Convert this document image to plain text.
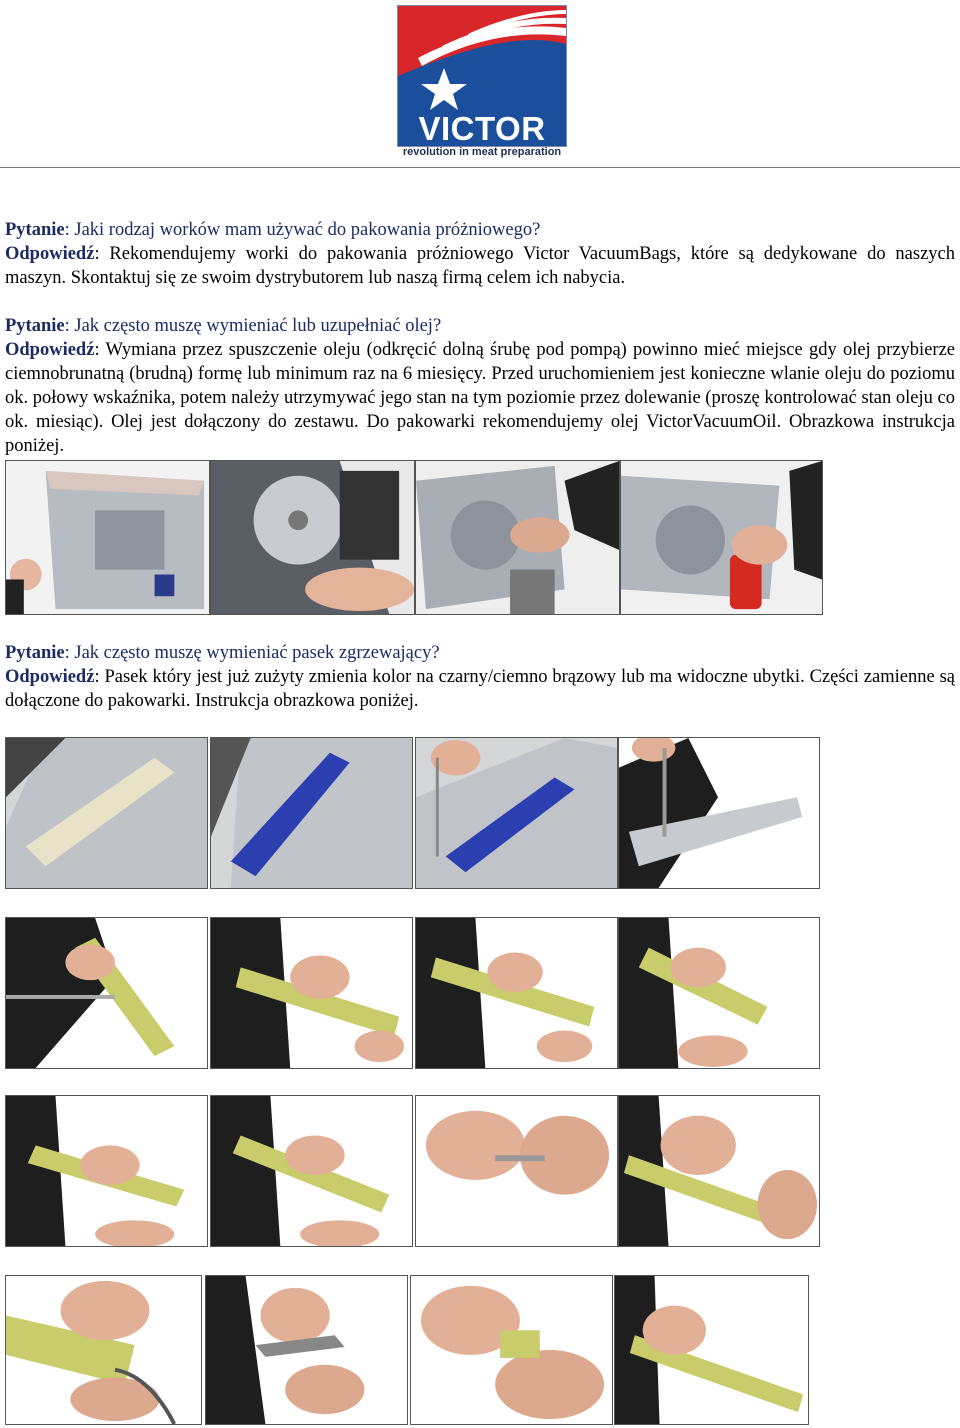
VICTOR
revolution in meat preparation

Pytanie: Jaki rodzaj worków mam używać do pakowania próżniowego?

Odpowiedź: Rekomendujemy worki do pakowania próżniowego Victor VacuumBags, które są dedykowane do naszych maszyn. Skontaktuj się ze swoim dystrybutorem lub naszą firmą celem ich nabycia.

Pytanie: Jak często muszę wymieniać lub uzupełniać olej?

Odpowiedź: Wymiana przez spuszczenie oleju (odkręcić dolną śrubę pod pompą) powinno mieć miejsce gdy olej przybierze ciemnobrunatną (brudną) formę lub minimum raz na 6 miesięcy. Przed uruchomieniem jest konieczne wlanie oleju do poziomu ok. połowy wskaźnika, potem należy utrzymywać jego stan na tym poziomie przez dolewanie (proszę kontrolować stan oleju co ok. miesiąc). Olej jest dołączony do zestawu. Do pakowarki rekomendujemy olej VictorVacuumOil. Obrazkowa instrukcja poniżej.

Pytanie: Jak często muszę wymieniać pasek zgrzewający?

Odpowiedź: Pasek który jest już zużyty zmienia kolor na czarny/ciemno brązowy lub ma widoczne ubytki. Części zamienne są dołączone do pakowarki. Instrukcja obrazkowa poniżej.
